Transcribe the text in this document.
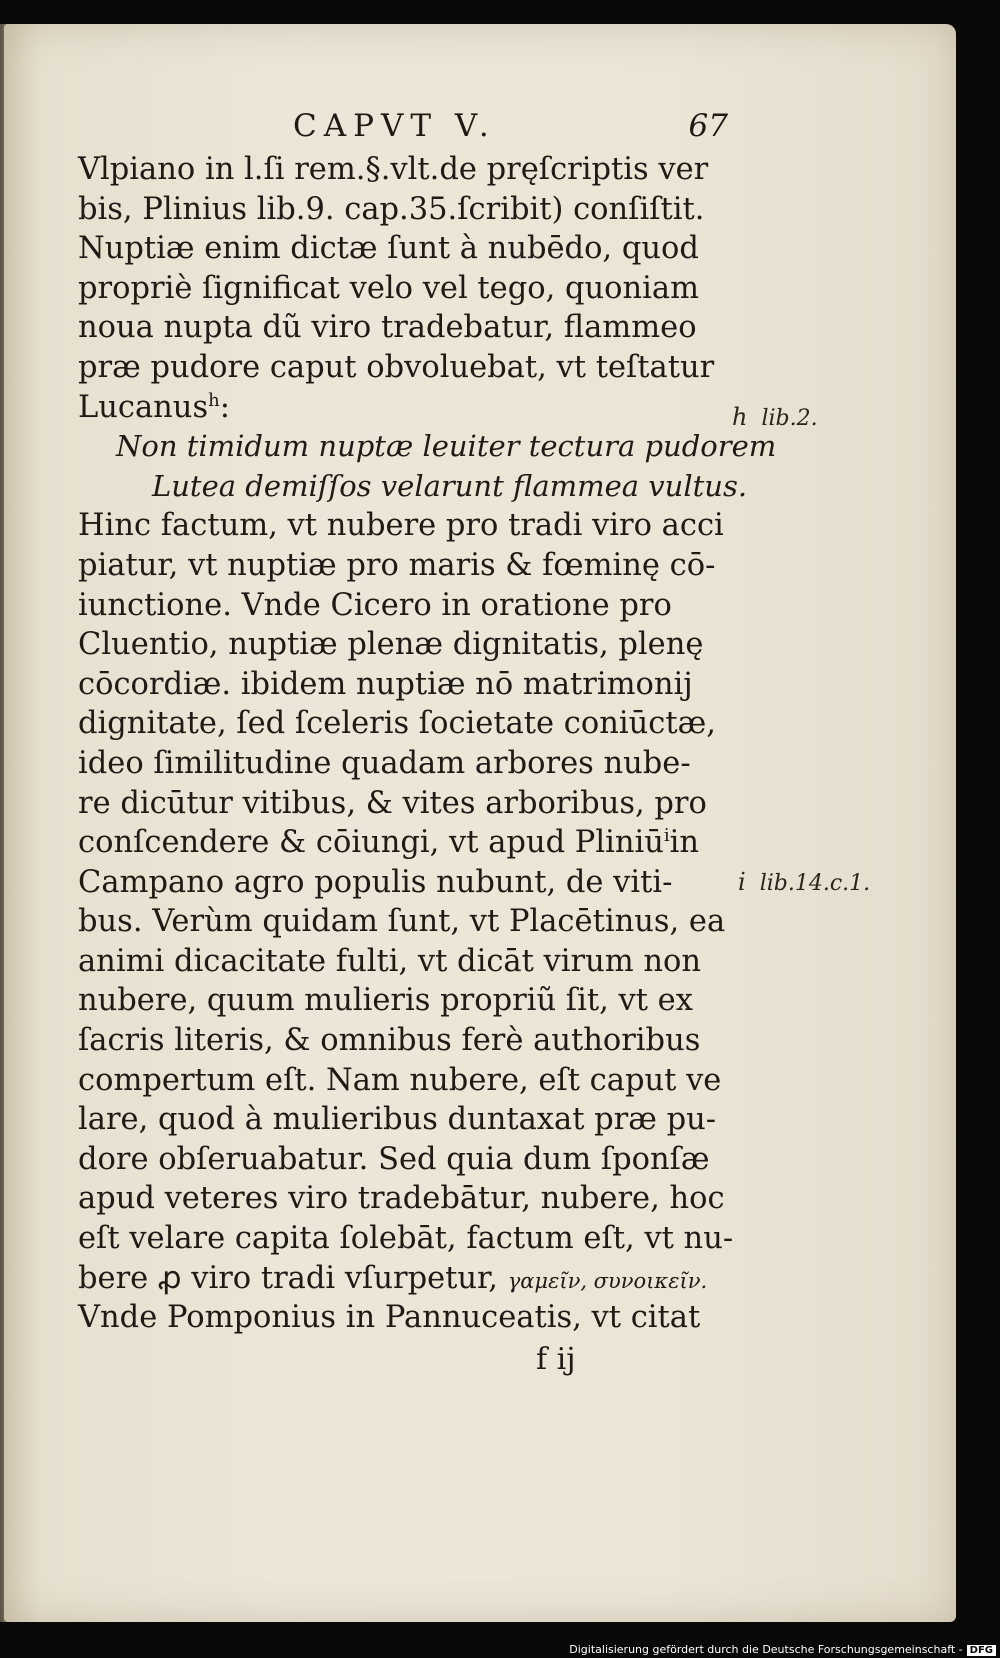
CAPVT V.	67
Vlpiano in l.ſi rem.§.vlt.de pręſcriptis ver
bis, Plinius lib.9. cap.35.ſcribit) conſiſtit.
Nuptiæ enim dictæ ſunt à nubēdo, quod
propriè ſignificat velo vel tego, quoniam
noua nupta dũ viro tradebatur, flammeo
præ pudore caput obvoluebat, vt teſtatur
Lucanus$^h$:
Non timidum nuptæ leuiter tectura pudorem
Lutea demiſſos velarunt flammea vultus.
Hinc factum, vt nubere pro tradi viro acci
piatur, vt nuptiæ pro maris & fœminę cō-
iunctione. Vnde Cicero in oratione pro
Cluentio, nuptiæ plenæ dignitatis, plenę
cōcordiæ. ibidem nuptiæ nō matrimonij
dignitate, ſed ſceleris ſocietate coniūctæ,
ideo ſimilitudine quadam arbores nube-
re dicūtur vitibus, & vites arboribus, pro
conſcendere & cōiungi, vt apud Pliniū$^i$in
Campano agro populis nubunt, de viti-
bus. Verùm quidam ſunt, vt Placētinus, ea
animi dicacitate fulti, vt dicāt virum non
nubere, quum mulieris propriũ ſit, vt ex
ſacris literis, & omnibus ferè authoribus
compertum eſt. Nam nubere, eſt caput ve
lare, quod à mulieribus duntaxat præ pu-
dore obſeruabatur. Sed quia dum ſponſæ
apud veteres viro tradebātur, nubere, hoc
eſt velare capita ſolebāt, factum eſt, vt nu-
bere ꝓ viro tradi vſurpetur, γαμεῖν, συνοικεῖν.
Vnde Pomponius in Pannuceatis, vt citat
f ij
h lib.2.
i lib.14.c.1.
Digitalisierung gefördert durch die Deutsche Forschungsgemeinschaft - DFG
